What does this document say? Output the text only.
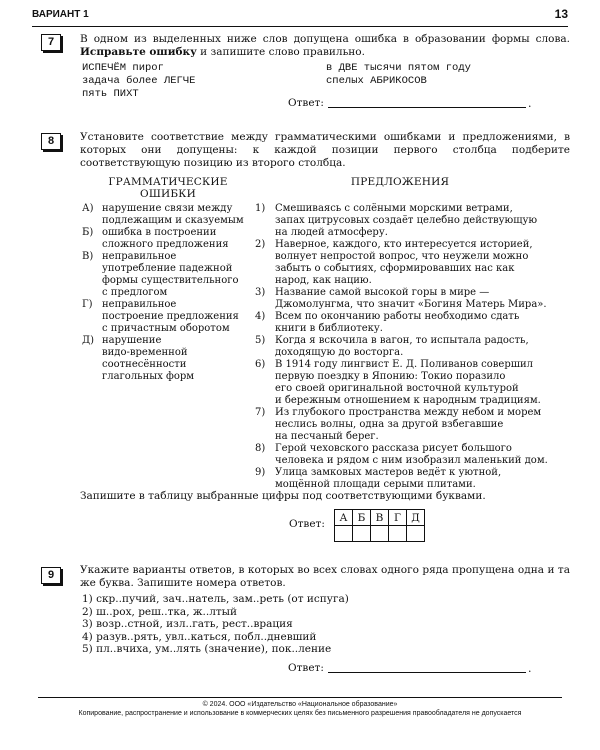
ВАРИАНТ 1	13
7	В одном из выделенных ниже слов допущена ошибка в образовании формы слова. Исправьте ошибку и запишите слово правильно.
ИСПЕЧЁМ пирог
задача более ЛЕГЧЕ
пять ПИХТ
в ДВЕ тысячи пятом году
спелых АБРИКОСОВ
Ответ:	.
8	Установите соответствие между грамматическими ошибками и предложениями, в которых они допущены: к каждой позиции первого столбца подберите соответствующую позицию из второго столбца.
ГРАММАТИЧЕСКИЕ
ОШИБКИ
ПРЕДЛОЖЕНИЯ
А) нарушение связи между
подлежащим и сказуемым
Б) ошибка в построении
сложного предложения
В) неправильное
употребление падежной
формы существительного
с предлогом
Г) неправильное
построение предложения
с причастным оборотом
Д) нарушение
видо-временной
соотнесённости
глагольных форм
1) Смешиваясь с солёными морскими ветрами,
запах цитрусовых создаёт целебно действующую
на людей атмосферу.
2) Наверное, каждого, кто интересуется историей,
волнует непростой вопрос, что неужели можно
забыть о событиях, сформировавших нас как
народ, как нацию.
3) Название самой высокой горы в мире —
Джомолунгма, что значит «Богиня Матерь Мира».
4) Всем по окончанию работы необходимо сдать
книги в библиотеку.
5) Когда я вскочила в вагон, то испытала радость,
доходящую до восторга.
6) В 1914 году лингвист Е. Д. Поливанов совершил
первую поездку в Японию: Токио поразило
его своей оригинальной восточной культурой
и бережным отношением к народным традициям.
7) Из глубокого пространства между небом и морем
неслись волны, одна за другой взбегавшие
на песчаный берег.
8) Герой чеховского рассказа рисует большого
человека и рядом с ним изобразил маленький дом.
9) Улица замковых мастеров ведёт к уютной,
мощённой площади серыми плитами.
Запишите в таблицу выбранные цифры под соответствующими буквами.
Ответ:
А	Б	В	Г	Д

9	Укажите варианты ответов, в которых во всех словах одного ряда пропущена одна и та же буква. Запишите номера ответов.
1) скр..пучий, зач..натель, зам..реть (от испуга)
2) ш..рох, реш..тка, ж..лтый
3) возр..стной, изл..гать, рест..врация
4) разув..рять, увл..каться, побл..дневший
5) пл..вчиха, ум..лять (значение), пок..ление
Ответ:	.
© 2024. ООО «Издательство «Национальное образование»
Копирование, распространение и использование в коммерческих целях без письменного разрешения правообладателя не допускается
